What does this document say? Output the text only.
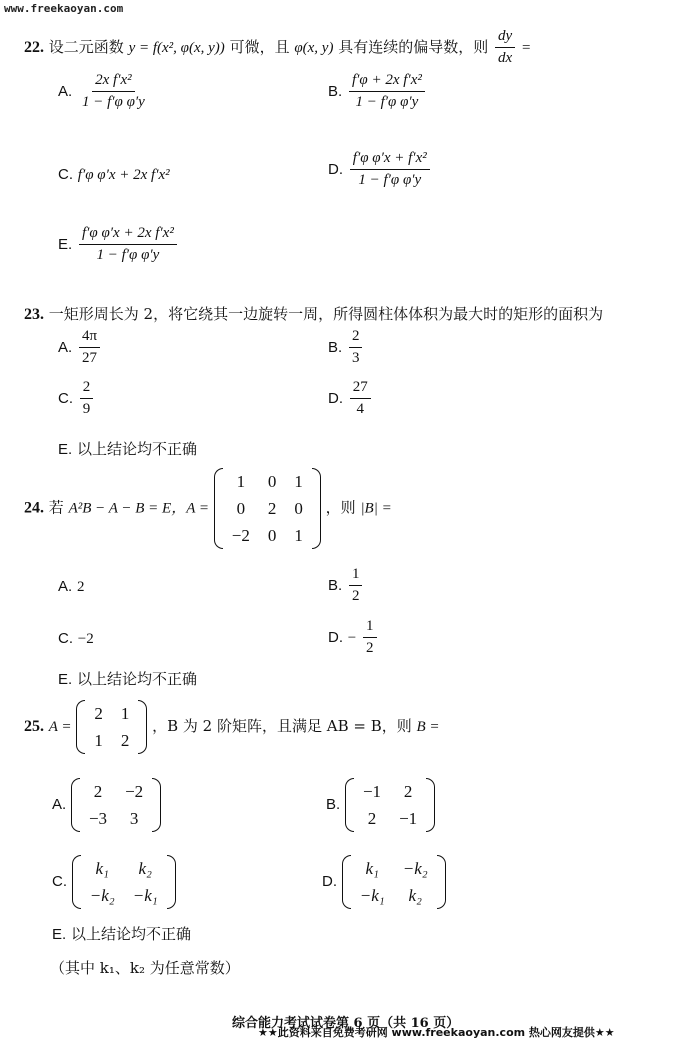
www.freekaoyan.com
22. 设二元函数 y = f(x², φ(x, y)) 可微，且 φ(x, y) 具有连续的偏导数，则 $\frac{dy}{dx}$ =
A. $\frac{\text{2x f′x²}}{\text{1 − f′φ φ′y}}$	B. $\frac{\text{f′φ + 2x f′x²}}{\text{1 − f′φ φ′y}}$
C. f′φ φ′x + 2x f′x²	D. $\frac{\text{f′φ φ′x + f′x²}}{\text{1 − f′φ φ′y}}$
E. $\frac{\text{f′φ φ′x + 2x f′x²}}{\text{1 − f′φ φ′y}}$
23. 一矩形周长为 2，将它绕其一边旋转一周，所得圆柱体体积为最大时的矩形的面积为
A. $\frac{4\pi}{27}$	B. $\frac{2}{3}$
C. $\frac{2}{9}$	D. $\frac{27}{4}$
E. 以上结论均不正确
24. 若 A²B − A − B = E，A =
1	0	1
0	2	0
−2	0	1
，则 |B| =
A. 2	B. $\frac{1}{2}$
C. −2	D. − $\frac{1}{2}$
E. 以上结论均不正确
25. A =
2	1
1	2
，B 为 2 阶矩阵，且满足 AB = B，则 B =
A.
2	−2
−3	3
B.
−1	2
2	−1
C.
k₁	k₂
−k₂	−k₁
D.
k₁	−k₂
−k₁	k₂
E. 以上结论均不正确
（其中 k₁、k₂ 为任意常数）
综合能力考试试卷第 6 页（共 16 页）
★★此资料来自免费考研网 www.freekaoyan.com 热心网友提供★★
